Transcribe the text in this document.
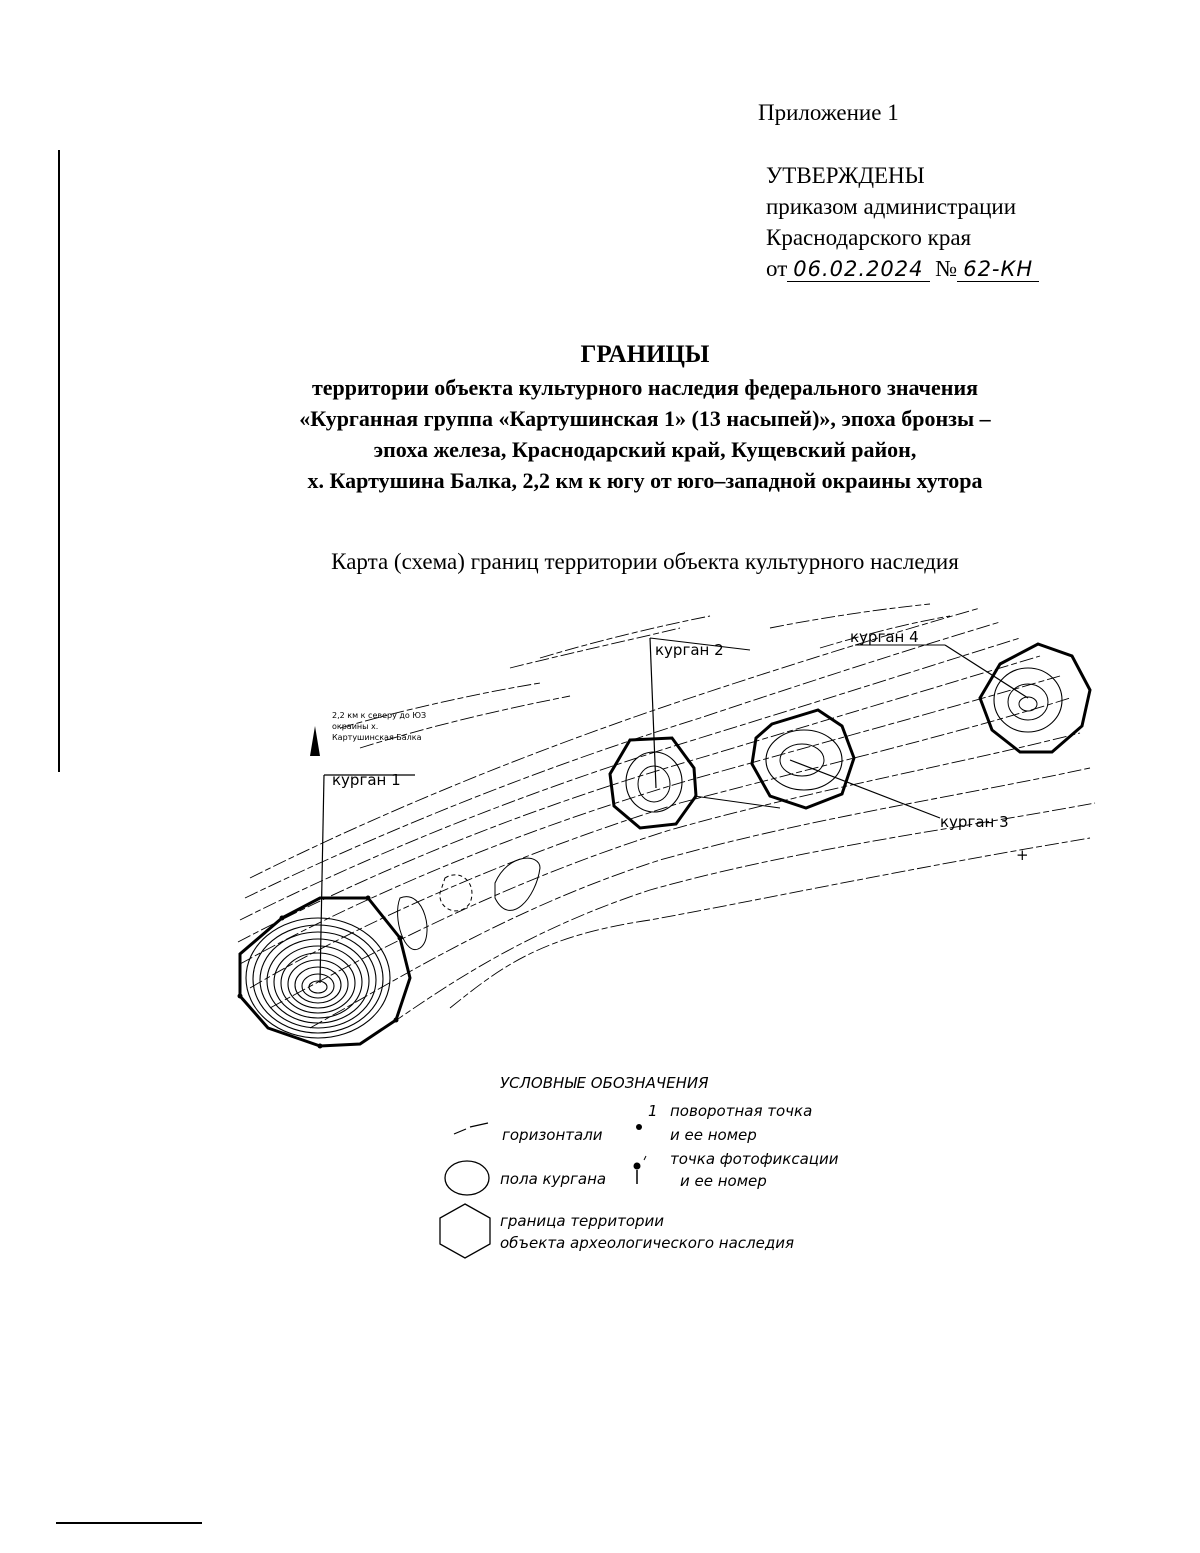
Приложение 1
УТВЕРЖДЕНЫ
приказом администрации
Краснодарского края
от 06.02.2024 № 62-КН
ГРАНИЦЫ
территории объекта культурного наследия федерального значения
«Курганная группа «Картушинская 1» (13 насыпей)», эпоха бронзы –
эпоха железа, Краснодарский край, Кущевский район,
х. Картушина Балка, 2,2 км к югу от юго–западной окраины хутора
Карта (схема) границ территории объекта культурного наследия
курган 1
курган 2
курган 3
курган 4
2,2 км к северу до ЮЗ
окраины х.
Картушинская Балка
+
УСЛОВНЫЕ ОБОЗНАЧЕНИЯ
горизонтали
1 поворотная точка
и ее номер
пола кургана
точка фотофиксации
и ее номер
граница территории
объекта археологического наследия
